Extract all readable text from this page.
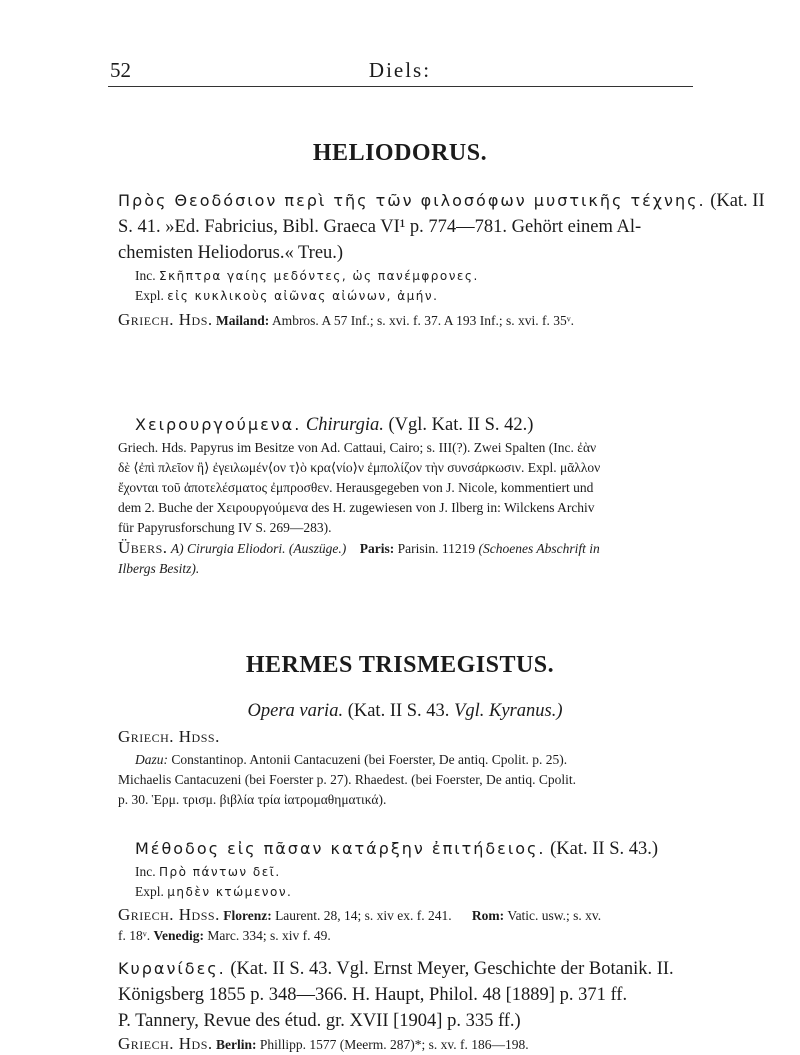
52	Diels:
HELIODORUS.
Πρὸς Θεοδόσιον περὶ τῆς τῶν φιλοσόφων μυστικῆς τέχνης. (Kat. II
S. 41. »Ed. Fabricius, Bibl. Graeca VI¹ p. 774—781. Gehört einem Al-
chemisten Heliodorus.« Treu.)
Inc. Σκῆπτρα γαίης μεδόντες, ὡς πανέμφρονες.
Expl. εἰς κυκλικοὺς αἰῶνας αἰώνων, ἀμήν.
Griech. Hds. Mailand: Ambros. A 57 Inf.; s. xvi. f. 37. A 193 Inf.; s. xvi. f. 35ᵛ.
Χειρουργούμενα. Chirurgia. (Vgl. Kat. II S. 42.)
Griech. Hds. Papyrus im Besitze von Ad. Cattaui, Cairo; s. III(?). Zwei Spalten (Inc. ἐὰν
δὲ ⟨ἐπὶ πλεῖον ἢ⟩ ἐγειλωμέν⟨ον τ⟩ὸ κρα⟨νίο⟩ν ἐμπολίζον τὴν συνσάρκωσιν. Expl. μᾶλλον
ἔχονται τοῦ ἀποτελέσματος ἐμπροσθεν. Herausgegeben von J. Nicole, kommentiert und
dem 2. Buche der Χειρουργούμενα des H. zugewiesen von J. Ilberg in: Wilckens Archiv
für Papyrusforschung IV S. 269—283).
Übers. A) Cirurgia Eliodori. (Auszüge.) Paris: Parisin. 11219 (Schoenes Abschrift in
Ilbergs Besitz).
HERMES TRISMEGISTUS.
Opera varia. (Kat. II S. 43. Vgl. Kyranus.)
Griech. Hdss.
Dazu: Constantinop. Antonii Cantacuzeni (bei Foerster, De antiq. Cpolit. p. 25).
Michaelis Cantacuzeni (bei Foerster p. 27). Rhaedest. (bei Foerster, De antiq. Cpolit.
p. 30. Ἑρμ. τρισμ. βιβλία τρία ἰατρομαθηματικά).
Μέθοδος εἰς πᾶσαν κατάρξην ἐπιτήδειος. (Kat. II S. 43.)
Inc. Πρὸ πάντων δεῖ.
Expl. μηδὲν κτώμενον.
Griech. Hdss. Florenz: Laurent. 28, 14; s. xiv ex. f. 241. Rom: Vatic. usw.; s. xv.
f. 18ᵛ. Venedig: Marc. 334; s. xiv f. 49.
Κυρανίδες. (Kat. II S. 43. Vgl. Ernst Meyer, Geschichte der Botanik. II.
Königsberg 1855 p. 348—366. H. Haupt, Philol. 48 [1889] p. 371 ff.
P. Tannery, Revue des étud. gr. XVII [1904] p. 335 ff.)
Griech. Hds. Berlin: Phillipp. 1577 (Meerm. 287)*; s. xv. f. 186—198.
